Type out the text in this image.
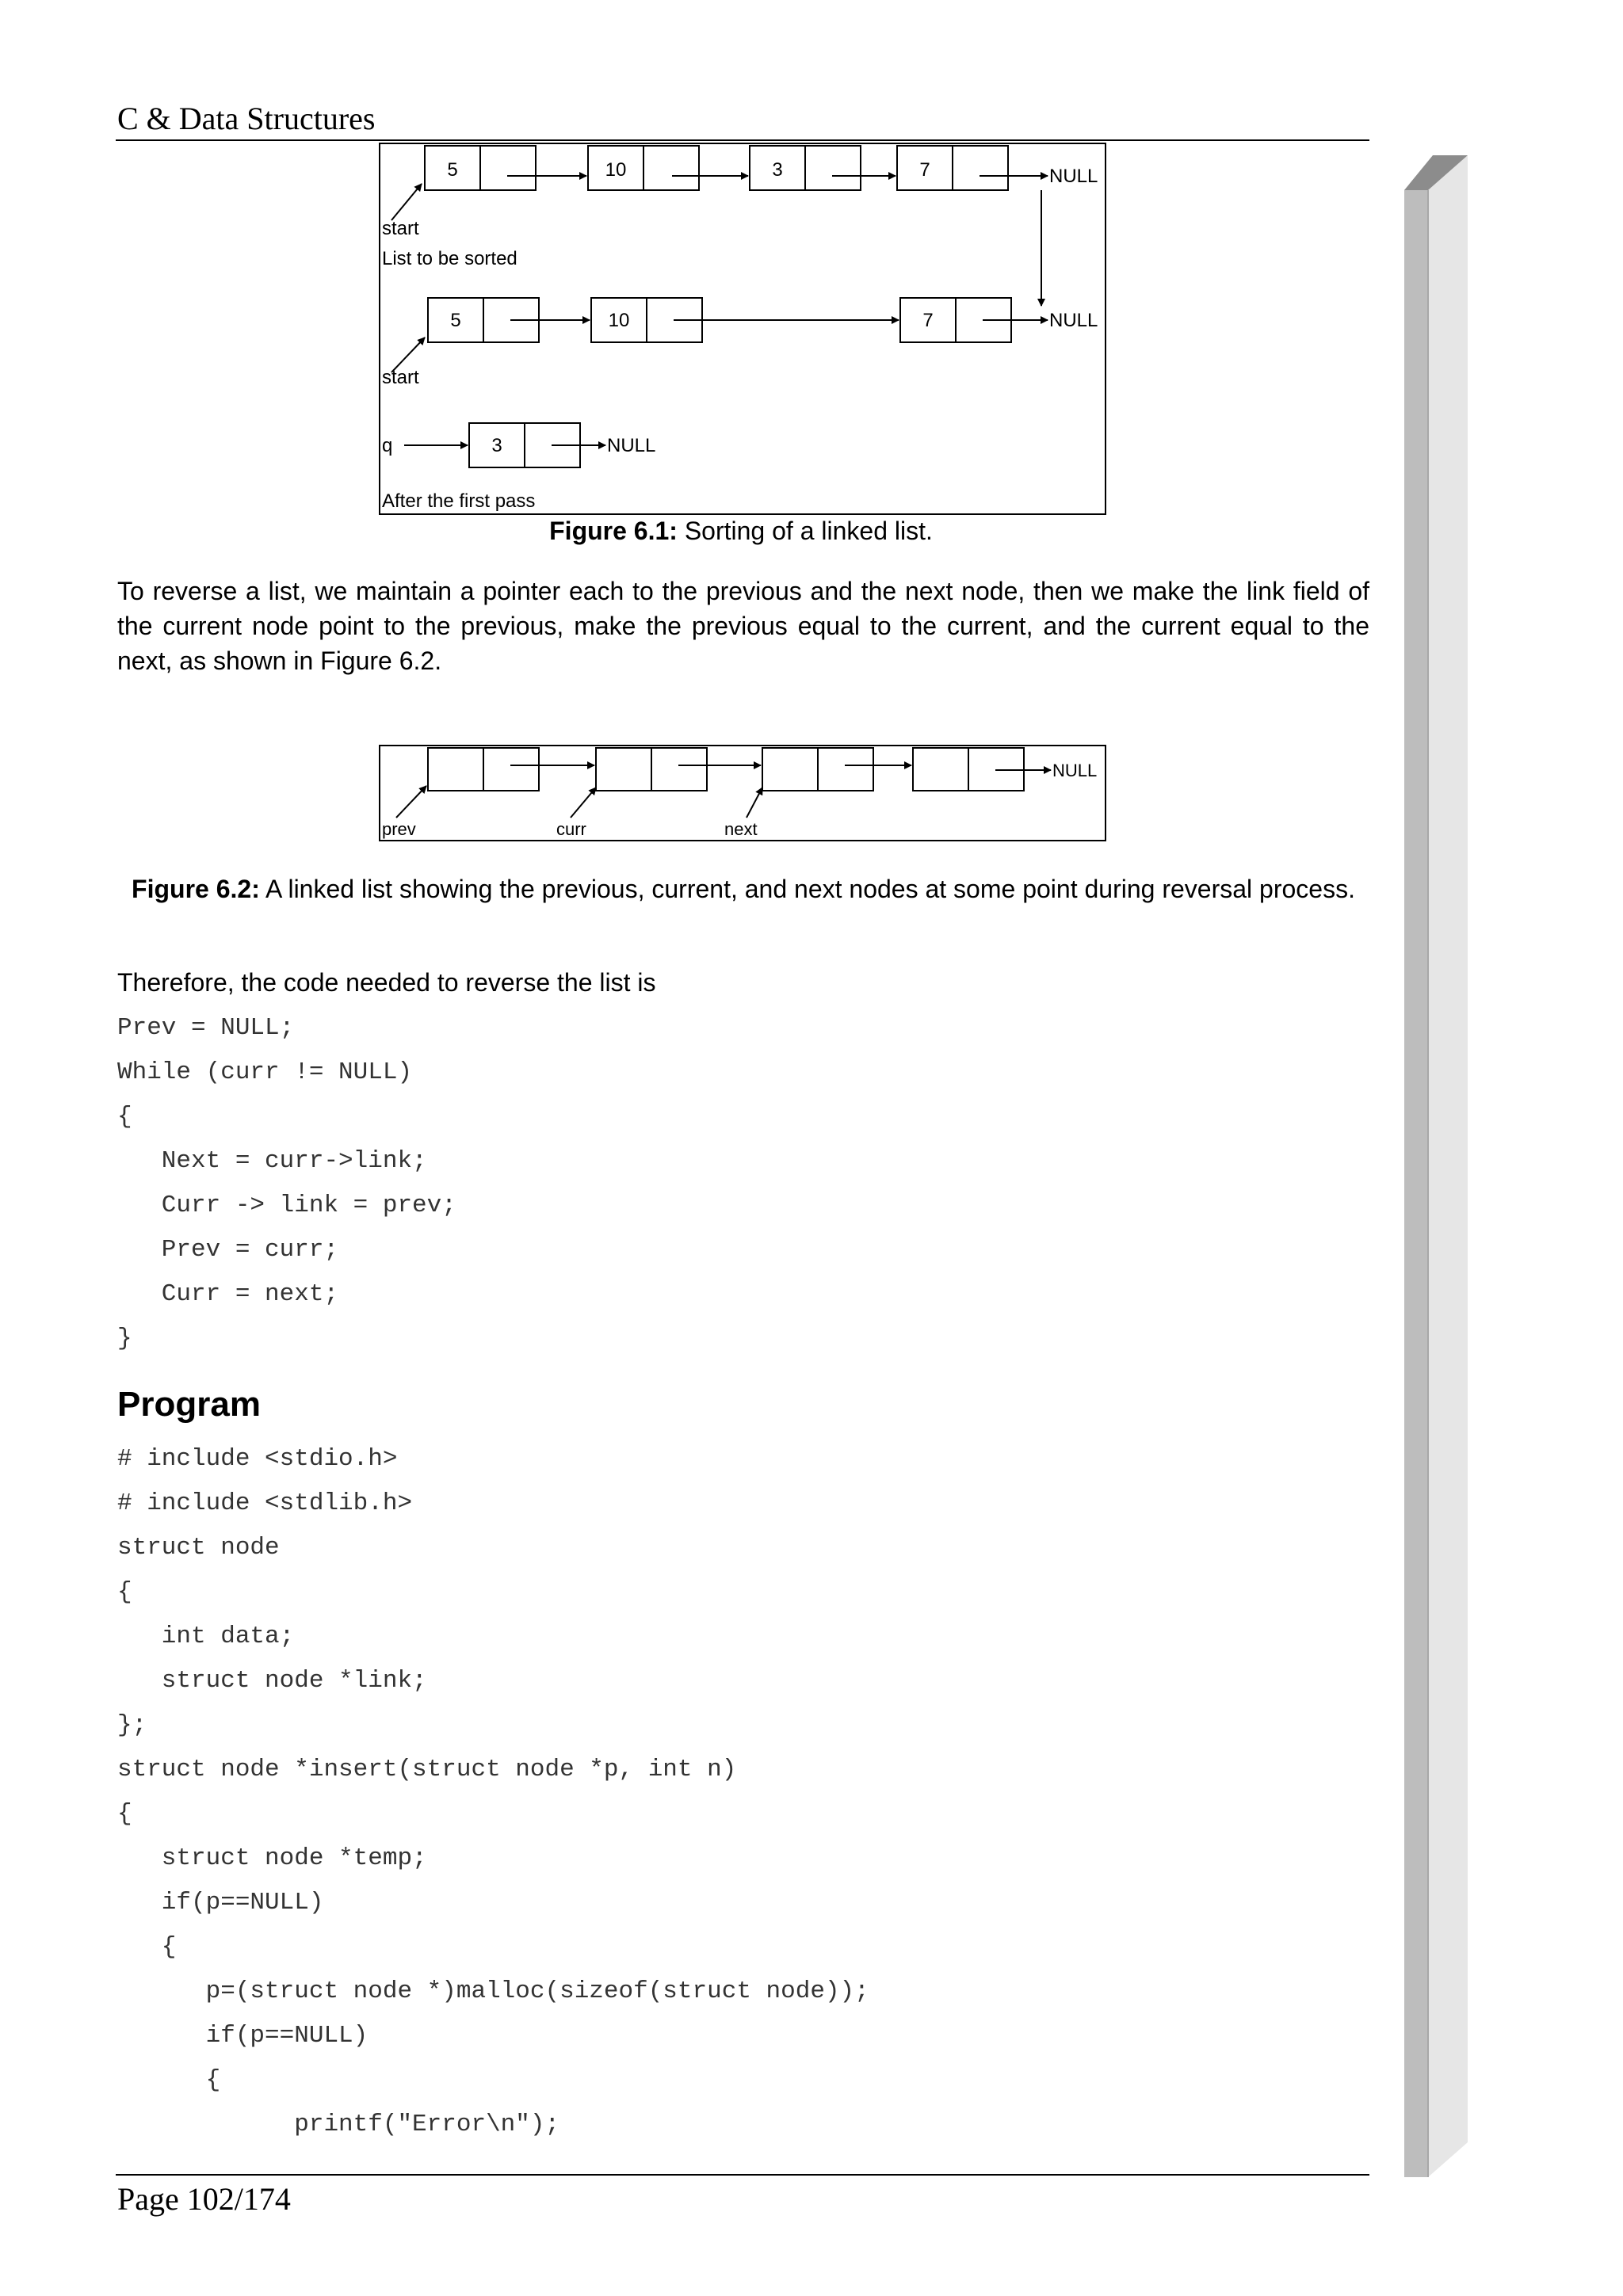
C & Data Structures
5	10	3	7	NULL
start
List to be sorted
5	10	7	NULL
start
q	3	NULL
After the first pass
Figure 6.1: Sorting of a linked list.
To reverse a list, we maintain a pointer each to the previous and the next node, then we make the link field of the current node point to the previous, make the previous equal to the current, and the current equal to the next, as shown in Figure 6.2.
NULL
prev	curr	next
Figure 6.2: A linked list showing the previous, current, and next nodes at some point during reversal process.
Therefore, the code needed to reverse the list is
Prev = NULL;
While (curr != NULL)
{
Next = curr->link;
Curr -> link = prev;
Prev = curr;
Curr = next;
}
Program
# include <stdio.h>
# include <stdlib.h>
struct node
{
int data;
struct node *link;
};
struct node *insert(struct node *p, int n)
{
struct node *temp;
if(p==NULL)
{
p=(struct node *)malloc(sizeof(struct node));
if(p==NULL)
{
printf("Error\n");
Page 102/174
